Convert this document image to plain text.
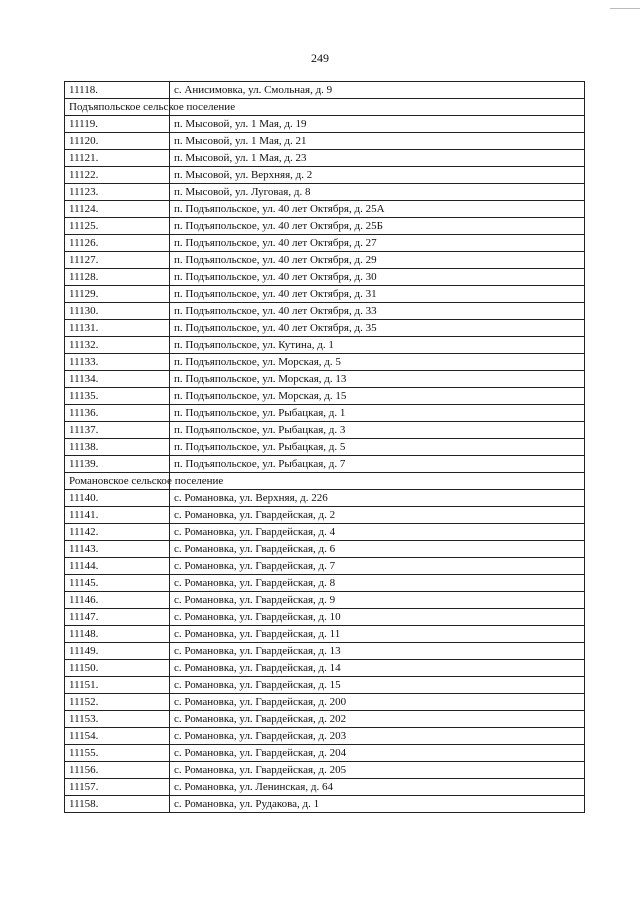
249
11118.	с. Анисимовка, ул. Смольная, д. 9
Подъяпольское сельское поселение	
11119.	п. Мысовой, ул. 1 Мая, д. 19
11120.	п. Мысовой, ул. 1 Мая, д. 21
11121.	п. Мысовой, ул. 1 Мая, д. 23
11122.	п. Мысовой, ул. Верхняя, д. 2
11123.	п. Мысовой, ул. Луговая, д. 8
11124.	п. Подъяпольское, ул. 40 лет Октября, д. 25А
11125.	п. Подъяпольское, ул. 40 лет Октября, д. 25Б
11126.	п. Подъяпольское, ул. 40 лет Октября, д. 27
11127.	п. Подъяпольское, ул. 40 лет Октября, д. 29
11128.	п. Подъяпольское, ул. 40 лет Октября, д. 30
11129.	п. Подъяпольское, ул. 40 лет Октября, д. 31
11130.	п. Подъяпольское, ул. 40 лет Октября, д. 33
11131.	п. Подъяпольское, ул. 40 лет Октября, д. 35
11132.	п. Подъяпольское, ул. Кутина, д. 1
11133.	п. Подъяпольское, ул. Морская, д. 5
11134.	п. Подъяпольское, ул. Морская, д. 13
11135.	п. Подъяпольское, ул. Морская, д. 15
11136.	п. Подъяпольское, ул. Рыбацкая, д. 1
11137.	п. Подъяпольское, ул. Рыбацкая, д. 3
11138.	п. Подъяпольское, ул. Рыбацкая, д. 5
11139.	п. Подъяпольское, ул. Рыбацкая, д. 7
Романовское сельское поселение	
11140.	с. Романовка, ул. Верхняя, д. 226
11141.	с. Романовка, ул. Гвардейская, д. 2
11142.	с. Романовка, ул. Гвардейская, д. 4
11143.	с. Романовка, ул. Гвардейская, д. 6
11144.	с. Романовка, ул. Гвардейская, д. 7
11145.	с. Романовка, ул. Гвардейская, д. 8
11146.	с. Романовка, ул. Гвардейская, д. 9
11147.	с. Романовка, ул. Гвардейская, д. 10
11148.	с. Романовка, ул. Гвардейская, д. 11
11149.	с. Романовка, ул. Гвардейская, д. 13
11150.	с. Романовка, ул. Гвардейская, д. 14
11151.	с. Романовка, ул. Гвардейская, д. 15
11152.	с. Романовка, ул. Гвардейская, д. 200
11153.	с. Романовка, ул. Гвардейская, д. 202
11154.	с. Романовка, ул. Гвардейская, д. 203
11155.	с. Романовка, ул. Гвардейская, д. 204
11156.	с. Романовка, ул. Гвардейская, д. 205
11157.	с. Романовка, ул. Ленинская, д. 64
11158.	с. Романовка, ул. Рудакова, д. 1
